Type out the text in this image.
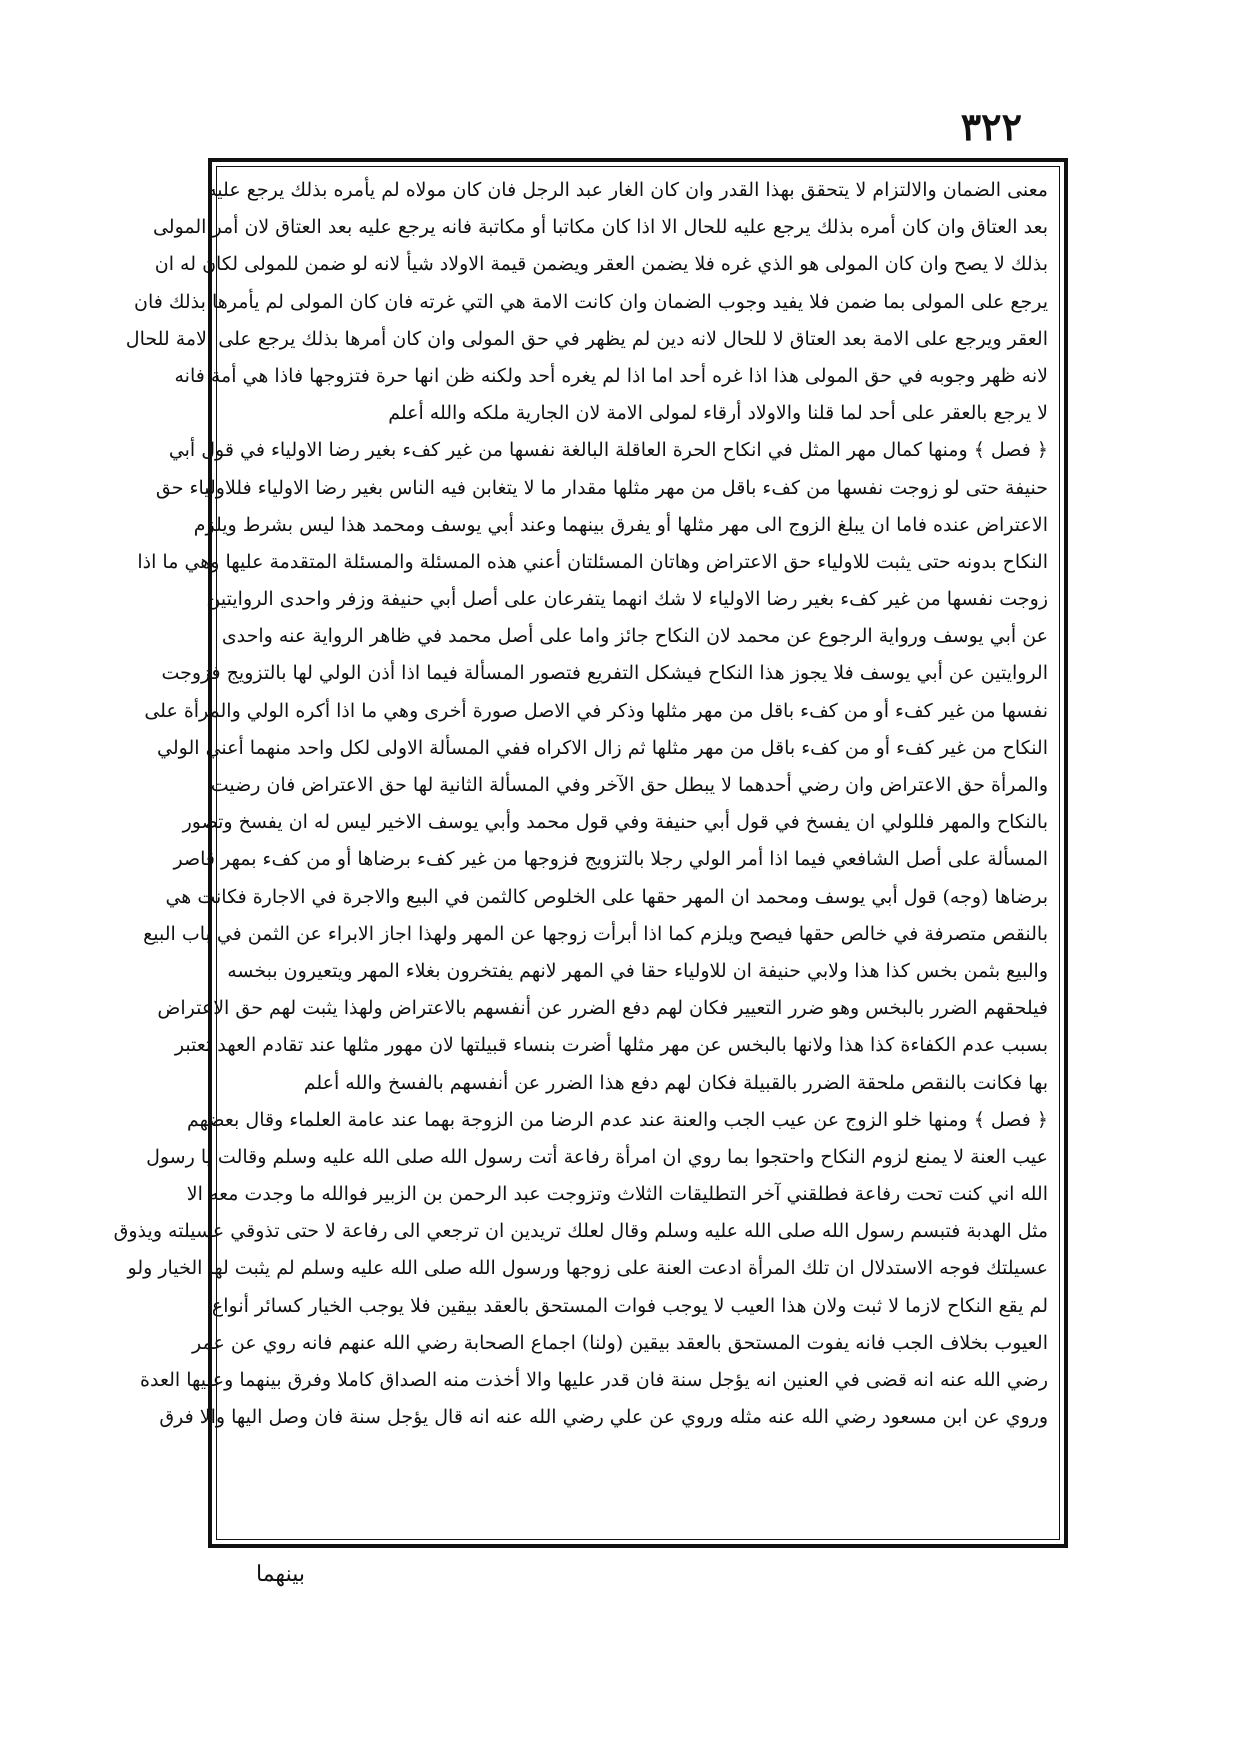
٣٢٢
معنى الضمان والالتزام لا يتحقق بهذا القدر وان كان الغار عبد الرجل فان كان مولاه لم يأمره بذلك يرجع عليه
بعد العتاق وان كان أمره بذلك يرجع عليه للحال الا اذا كان مكاتبا أو مكاتبة فانه يرجع عليه بعد العتاق لان أمر المولى
بذلك لا يصح وان كان المولى هو الذي غره فلا يضمن العقر ويضمن قيمة الاولاد شيأ لانه لو ضمن للمولى لكان له ان
يرجع على المولى بما ضمن فلا يفيد وجوب الضمان وان كانت الامة هي التي غرته فان كان المولى لم يأمرها بذلك فان
العقر ويرجع على الامة بعد العتاق لا للحال لانه دين لم يظهر في حق المولى وان كان أمرها بذلك يرجع على الامة للحال
لانه ظهر وجوبه في حق المولى هذا اذا غره أحد اما اذا لم يغره أحد ولكنه ظن انها حرة فتزوجها فاذا هي أمة فانه
لا يرجع بالعقر على أحد لما قلنا والاولاد أرقاء لمولى الامة لان الجارية ملكه والله أعلم
﴿ فصل ﴾ ومنها كمال مهر المثل في انكاح الحرة العاقلة البالغة نفسها من غير كفء بغير رضا الاولياء في قول أبي
حنيفة حتى لو زوجت نفسها من كفء باقل من مهر مثلها مقدار ما لا يتغابن فيه الناس بغير رضا الاولياء فللاولياء حق
الاعتراض عنده فاما ان يبلغ الزوج الى مهر مثلها أو يفرق بينهما وعند أبي يوسف ومحمد هذا ليس بشرط ويلزم
النكاح بدونه حتى يثبت للاولياء حق الاعتراض وهاتان المسئلتان أعني هذه المسئلة والمسئلة المتقدمة عليها وهي ما اذا
زوجت نفسها من غير كفء بغير رضا الاولياء لا شك انهما يتفرعان على أصل أبي حنيفة وزفر واحدى الروايتين
عن أبي يوسف ورواية الرجوع عن محمد لان النكاح جائز واما على أصل محمد في ظاهر الرواية عنه واحدى
الروايتين عن أبي يوسف فلا يجوز هذا النكاح فيشكل التفريع فتصور المسألة فيما اذا أذن الولي لها بالتزويج فزوجت
نفسها من غير كفء أو من كفء باقل من مهر مثلها وذكر في الاصل صورة أخرى وهي ما اذا أكره الولي والمرأة على
النكاح من غير كفء أو من كفء باقل من مهر مثلها ثم زال الاكراه ففي المسألة الاولى لكل واحد منهما أعني الولي
والمرأة حق الاعتراض وان رضي أحدهما لا يبطل حق الآخر وفي المسألة الثانية لها حق الاعتراض فان رضيت
بالنكاح والمهر فللولي ان يفسخ في قول أبي حنيفة وفي قول محمد وأبي يوسف الاخير ليس له ان يفسخ وتصور
المسألة على أصل الشافعي فيما اذا أمر الولي رجلا بالتزويج فزوجها من غير كفء برضاها أو من كفء بمهر قاصر
برضاها (وجه) قول أبي يوسف ومحمد ان المهر حقها على الخلوص كالثمن في البيع والاجرة في الاجارة فكانت هي
بالنقص متصرفة في خالص حقها فيصح ويلزم كما اذا أبرأت زوجها عن المهر ولهذا اجاز الابراء عن الثمن في باب البيع
والبيع بثمن بخس كذا هذا ولابي حنيفة ان للاولياء حقا في المهر لانهم يفتخرون بغلاء المهر ويتعيرون ببخسه
فيلحقهم الضرر بالبخس وهو ضرر التعيير فكان لهم دفع الضرر عن أنفسهم بالاعتراض ولهذا يثبت لهم حق الاعتراض
بسبب عدم الكفاءة كذا هذا ولانها بالبخس عن مهر مثلها أضرت بنساء قبيلتها لان مهور مثلها عند تقادم العهد تعتبر
بها فكانت بالنقص ملحقة الضرر بالقبيلة فكان لهم دفع هذا الضرر عن أنفسهم بالفسخ والله أعلم
﴿ فصل ﴾ ومنها خلو الزوج عن عيب الجب والعنة عند عدم الرضا من الزوجة بهما عند عامة العلماء وقال بعضهم
عيب العنة لا يمنع لزوم النكاح واحتجوا بما روي ان امرأة رفاعة أتت رسول الله صلى الله عليه وسلم وقالت يا رسول
الله اني كنت تحت رفاعة فطلقني آخر التطليقات الثلاث وتزوجت عبد الرحمن بن الزبير فوالله ما وجدت معه الا
مثل الهدبة فتبسم رسول الله صلى الله عليه وسلم وقال لعلك تريدين ان ترجعي الى رفاعة لا حتى تذوقي عسيلته ويذوق
عسيلتك فوجه الاستدلال ان تلك المرأة ادعت العنة على زوجها ورسول الله صلى الله عليه وسلم لم يثبت لها الخيار ولو
لم يقع النكاح لازما لا ثبت ولان هذا العيب لا يوجب فوات المستحق بالعقد بيقين فلا يوجب الخيار كسائر أنواع
العيوب بخلاف الجب فانه يفوت المستحق بالعقد بيقين (ولنا) اجماع الصحابة رضي الله عنهم فانه روي عن عمر
رضي الله عنه انه قضى في العنين انه يؤجل سنة فان قدر عليها والا أخذت منه الصداق كاملا وفرق بينهما وعليها العدة
وروي عن ابن مسعود رضي الله عنه مثله وروي عن علي رضي الله عنه انه قال يؤجل سنة فان وصل اليها والا فرق
بينهما
